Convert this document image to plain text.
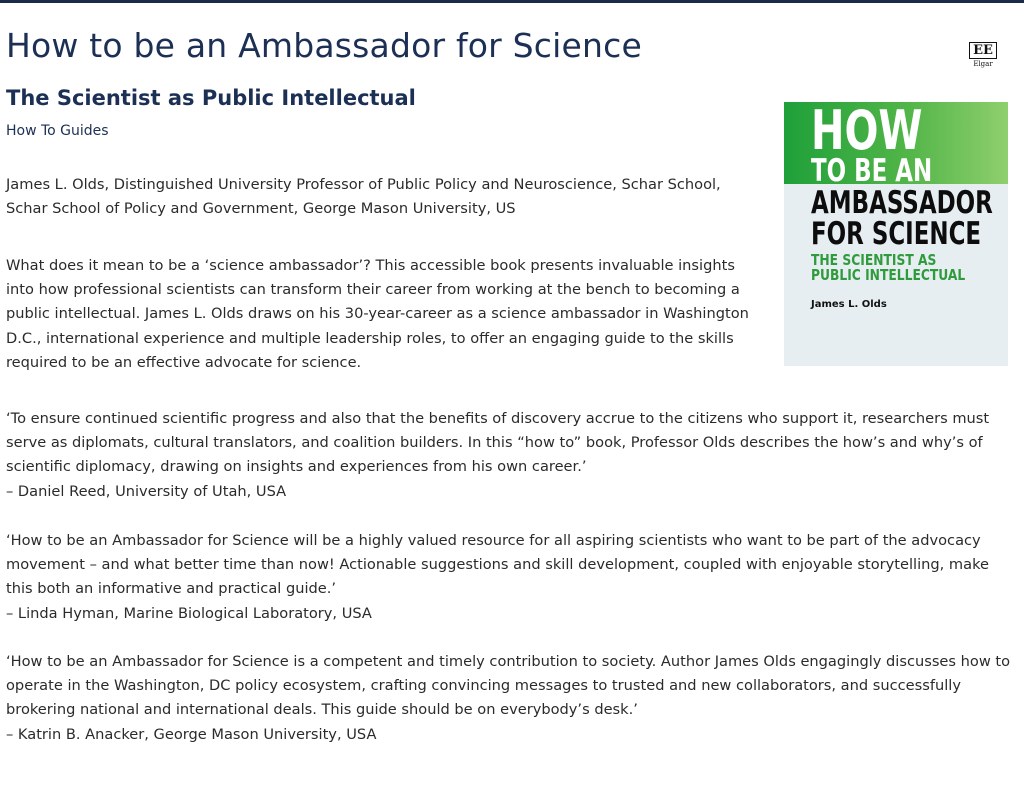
How to be an Ambassador for Science	EE
Elgar
The Scientist as Public Intellectual
How To Guides	HOW

TO BE AN

AMBASSADOR

FOR SCIENCE

THE SCIENTIST AS

PUBLIC INTELLECTUAL

James L. Olds

James L. Olds, Distinguished University Professor of Public Policy and Neuroscience, Schar School, Schar School of Policy and Government, George Mason University, US

What does it mean to be a ‘science ambassador’? This accessible book presents invaluable insights into how professional scientists can transform their career from working at the bench to becoming a public intellectual. James L. Olds draws on his 30-year-career as a science ambassador in Washington D.C., international experience and multiple leadership roles, to offer an engaging guide to the skills required to be an effective advocate for science.

‘To ensure continued scientific progress and also that the benefits of discovery accrue to the citizens who support it, researchers must serve as diplomats, cultural translators, and coalition builders. In this “how to” book, Professor Olds describes the how’s and why’s of scientific diplomacy, drawing on insights and experiences from his own career.’
– Daniel Reed, University of Utah, USA
‘How to be an Ambassador for Science will be a highly valued resource for all aspiring scientists who want to be part of the advocacy movement – and what better time than now! Actionable suggestions and skill development, coupled with enjoyable storytelling, make this both an informative and practical guide.’
– Linda Hyman, Marine Biological Laboratory, USA
‘How to be an Ambassador for Science is a competent and timely contribution to society. Author James Olds engagingly discusses how to operate in the Washington, DC policy ecosystem, crafting convincing messages to trusted and new collaborators, and successfully brokering national and international deals. This guide should be on everybody’s desk.’
– Katrin B. Anacker, George Mason University, USA
